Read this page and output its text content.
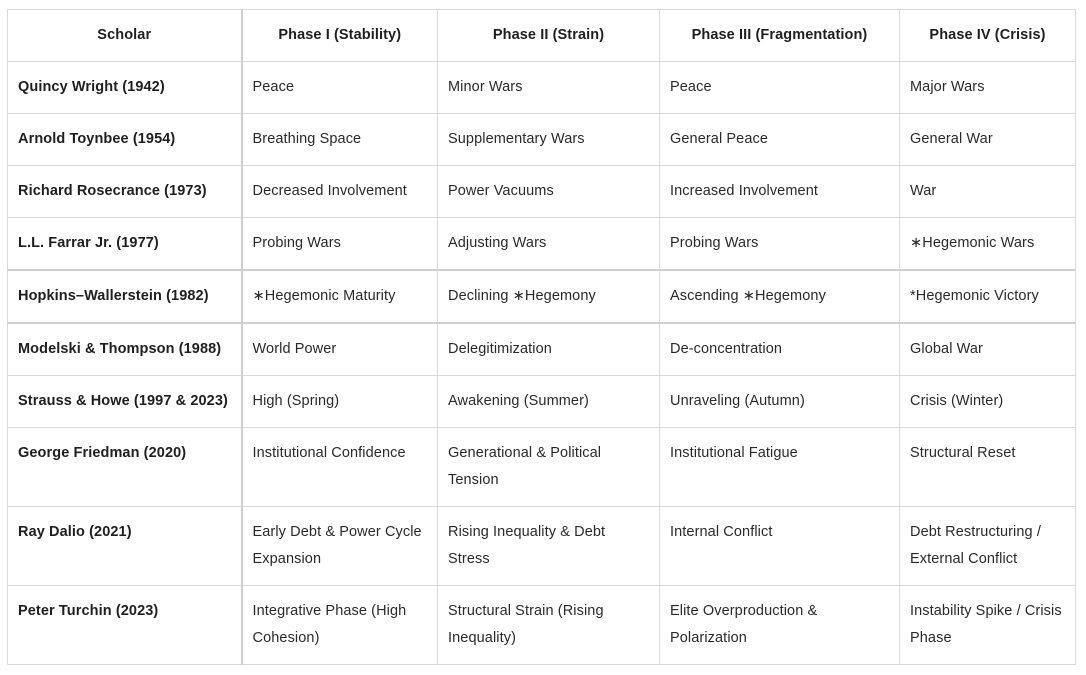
Scholar	Phase I (Stability)	Phase II (Strain)	Phase III (Fragmentation)	Phase IV (Crisis)
Quincy Wright (1942)	Peace	Minor Wars	Peace	Major Wars
Arnold Toynbee (1954)	Breathing Space	Supplementary Wars	General Peace	General War
Richard Rosecrance (1973)	Decreased Involvement	Power Vacuums	Increased Involvement	War
L.L. Farrar Jr. (1977)	Probing Wars	Adjusting Wars	Probing Wars	∗Hegemonic Wars
Hopkins–Wallerstein (1982)	∗Hegemonic Maturity	Declining ∗Hegemony	Ascending ∗Hegemony	*Hegemonic Victory
Modelski & Thompson (1988)	World Power	Delegitimization	De-concentration	Global War
Strauss & Howe (1997 & 2023)	High (Spring)	Awakening (Summer)	Unraveling (Autumn)	Crisis (Winter)
George Friedman (2020)	Institutional Confidence	Generational & Political Tension	Institutional Fatigue	Structural Reset
Ray Dalio (2021)	Early Debt & Power Cycle Expansion	Rising Inequality & Debt Stress	Internal Conflict	Debt Restructuring / External Conflict
Peter Turchin (2023)	Integrative Phase (High Cohesion)	Structural Strain (Rising Inequality)	Elite Overproduction & Polarization	Instability Spike / Crisis Phase
